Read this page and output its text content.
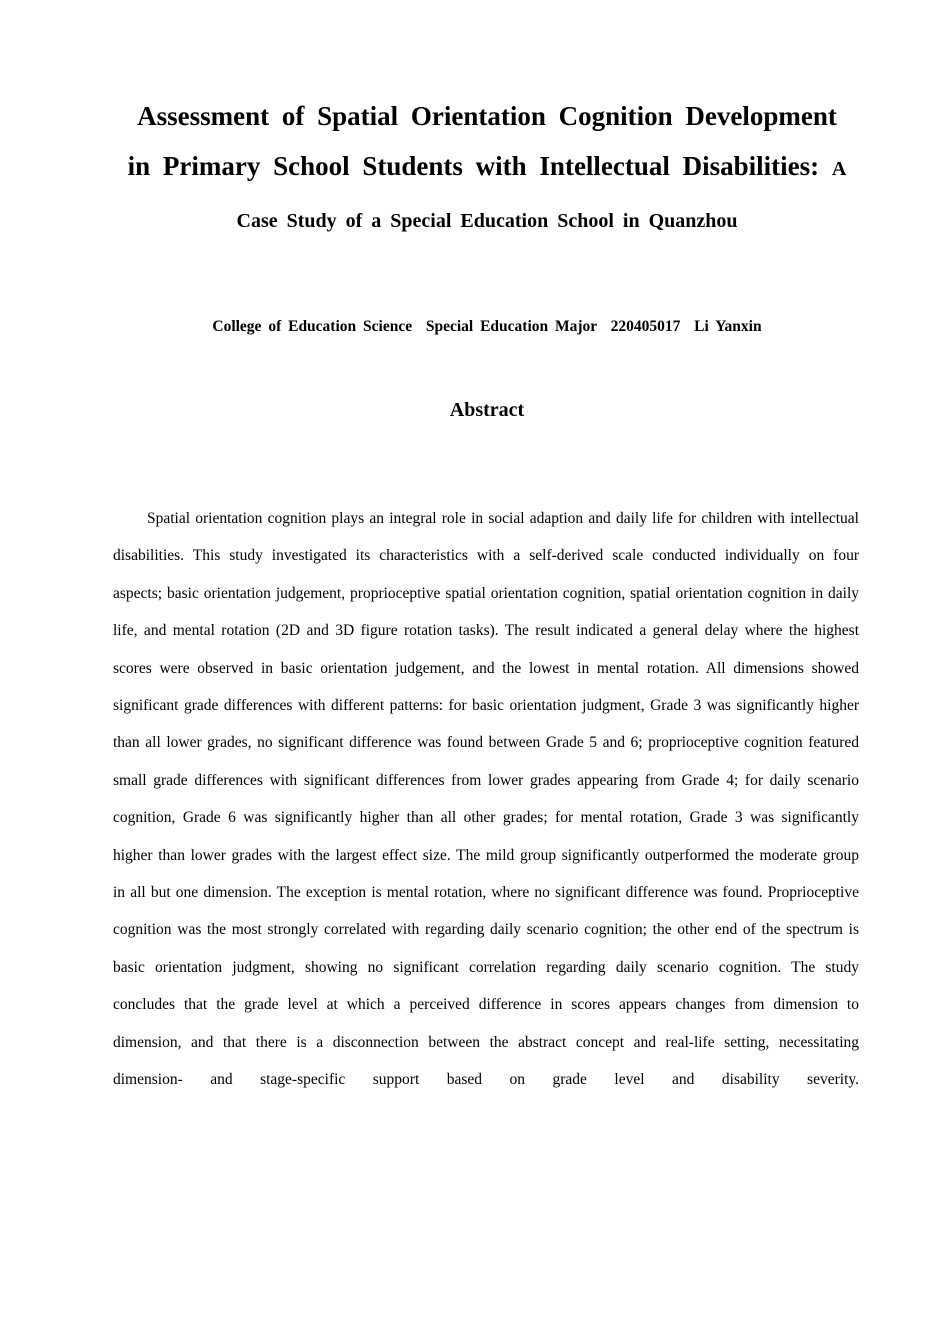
Assessment of Spatial Orientation Cognition Development in Primary School Students with Intellectual Disabilities: A Case Study of a Special Education School in Quanzhou
College of Education Science  Special Education Major  220405017  Li Yanxin
Abstract
Spatial orientation cognition plays an integral role in social adaption and daily life for children with intellectual disabilities. This study investigated its characteristics with a self-derived scale conducted individually on four aspects; basic orientation judgement, proprioceptive spatial orientation cognition, spatial orientation cognition in daily life, and mental rotation (2D and 3D figure rotation tasks). The result indicated a general delay where the highest scores were observed in basic orientation judgement, and the lowest in mental rotation. All dimensions showed significant grade differences with different patterns: for basic orientation judgment, Grade 3 was significantly higher than all lower grades, no significant difference was found between Grade 5 and 6; proprioceptive cognition featured small grade differences with significant differences from lower grades appearing from Grade 4; for daily scenario cognition, Grade 6 was significantly higher than all other grades; for mental rotation, Grade 3 was significantly higher than lower grades with the largest effect size. The mild group significantly outperformed the moderate group in all but one dimension. The exception is mental rotation, where no significant difference was found. Proprioceptive cognition was the most strongly correlated with regarding daily scenario cognition; the other end of the spectrum is basic orientation judgment, showing no significant correlation regarding daily scenario cognition. The study concludes that the grade level at which a perceived difference in scores appears changes from dimension to dimension, and that there is a disconnection between the abstract concept and real-life setting, necessitating dimension- and stage-specific support based on grade level and disability severity.
